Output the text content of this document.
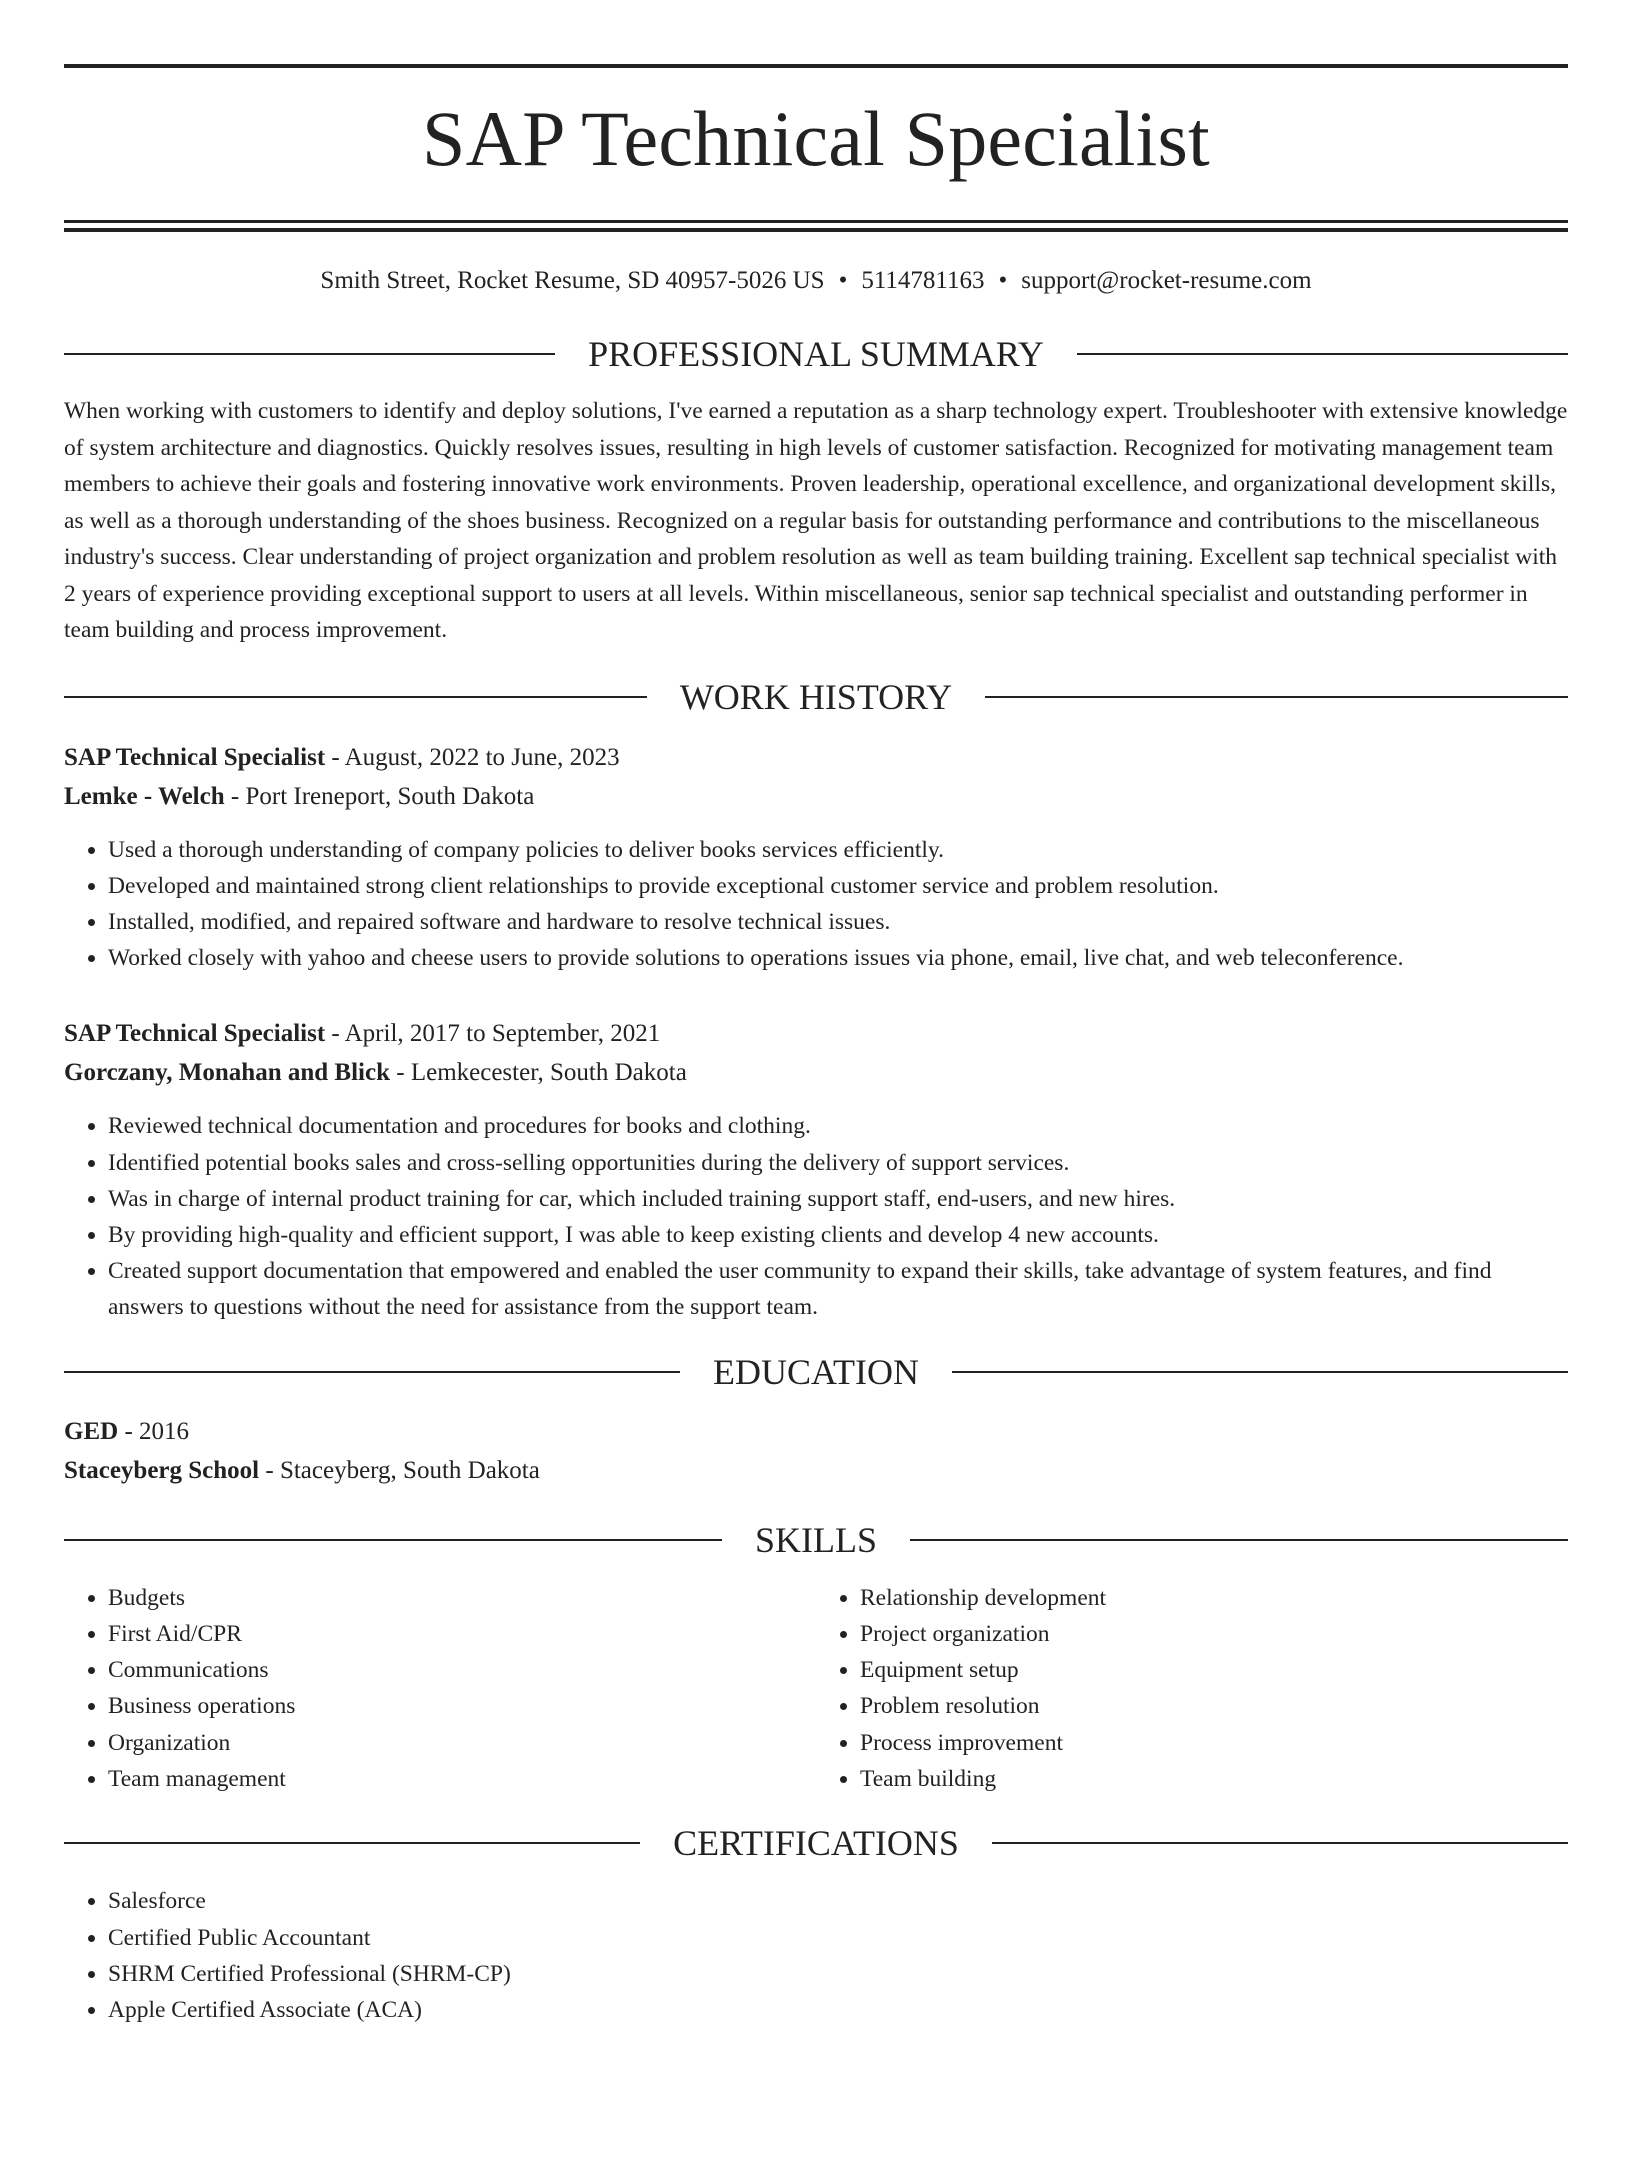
SAP Technical Specialist
Smith Street, Rocket Resume, SD 40957-5026 US • 5114781163 • support@rocket-resume.com
PROFESSIONAL SUMMARY

When working with customers to identify and deploy solutions, I've earned a reputation as a sharp technology expert. Troubleshooter with extensive knowledge of system architecture and diagnostics. Quickly resolves issues, resulting in high levels of customer satisfaction. Recognized for motivating management team members to achieve their goals and fostering innovative work environments. Proven leadership, operational excellence, and organizational development skills, as well as a thorough understanding of the shoes business. Recognized on a regular basis for outstanding performance and contributions to the miscellaneous industry's success. Clear understanding of project organization and problem resolution as well as team building training. Excellent sap technical specialist with 2 years of experience providing exceptional support to users at all levels. Within miscellaneous, senior sap technical specialist and outstanding performer in team building and process improvement.

WORK HISTORY
SAP Technical Specialist - August, 2022 to June, 2023
Lemke - Welch - Port Ireneport, South Dakota
• Used a thorough understanding of company policies to deliver books services efficiently.
• Developed and maintained strong client relationships to provide exceptional customer service and problem resolution.
• Installed, modified, and repaired software and hardware to resolve technical issues.
• Worked closely with yahoo and cheese users to provide solutions to operations issues via phone, email, live chat, and web teleconference.
SAP Technical Specialist - April, 2017 to September, 2021
Gorczany, Monahan and Blick - Lemkecester, South Dakota
• Reviewed technical documentation and procedures for books and clothing.
• Identified potential books sales and cross-selling opportunities during the delivery of support services.
• Was in charge of internal product training for car, which included training support staff, end-users, and new hires.
• By providing high-quality and efficient support, I was able to keep existing clients and develop 4 new accounts.
• Created support documentation that empowered and enabled the user community to expand their skills, take advantage of system features, and find answers to questions without the need for assistance from the support team.
EDUCATION
GED - 2016
Staceyberg School - Staceyberg, South Dakota
SKILLS
• Budgets
• First Aid/CPR
• Communications
• Business operations
• Organization
• Team management
• Relationship development
• Project organization
• Equipment setup
• Problem resolution
• Process improvement
• Team building
CERTIFICATIONS
• Salesforce
• Certified Public Accountant
• SHRM Certified Professional (SHRM-CP)
• Apple Certified Associate (ACA)
